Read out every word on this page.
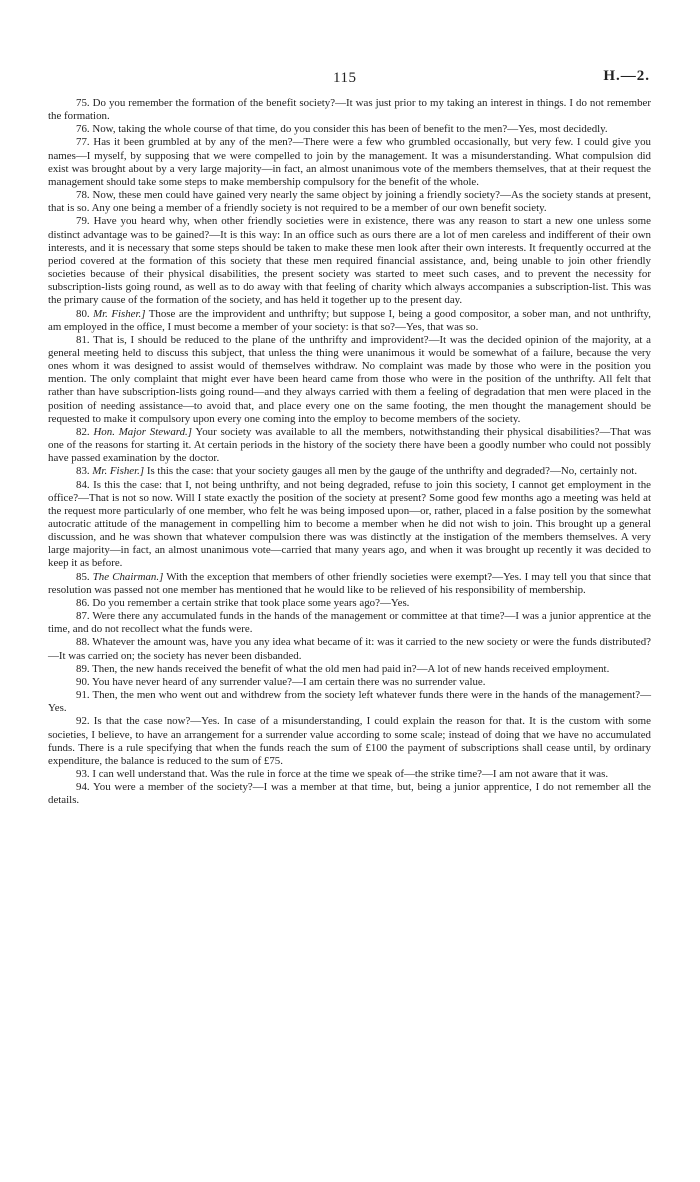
115	H.—2.

75. Do you remember the formation of the benefit society?—It was just prior to my taking an interest in things. I do not remember the formation.

76. Now, taking the whole course of that time, do you consider this has been of benefit to the men?—Yes, most decidedly.

77. Has it been grumbled at by any of the men?—There were a few who grumbled occasionally, but very few. I could give you names—I myself, by supposing that we were compelled to join by the management. It was a misunderstanding. What compulsion did exist was brought about by a very large majority—in fact, an almost unanimous vote of the members themselves, that at their request the management should take some steps to make membership compulsory for the benefit of the whole.

78. Now, these men could have gained very nearly the same object by joining a friendly society?—As the society stands at present, that is so. Any one being a member of a friendly society is not required to be a member of our own benefit society.

79. Have you heard why, when other friendly societies were in existence, there was any reason to start a new one unless some distinct advantage was to be gained?—It is this way: In an office such as ours there are a lot of men careless and indifferent of their own interests, and it is necessary that some steps should be taken to make these men look after their own interests. It frequently occurred at the period covered at the formation of this society that these men required financial assistance, and, being unable to join other friendly societies because of their physical disabilities, the present society was started to meet such cases, and to prevent the necessity for subscription-lists going round, as well as to do away with that feeling of charity which always accompanies a subscription-list. This was the primary cause of the formation of the society, and has held it together up to the present day.

80. Mr. Fisher.] Those are the improvident and unthrifty; but suppose I, being a good compositor, a sober man, and not unthrifty, am employed in the office, I must become a member of your society: is that so?—Yes, that was so.

81. That is, I should be reduced to the plane of the unthrifty and improvident?—It was the decided opinion of the majority, at a general meeting held to discuss this subject, that unless the thing were unanimous it would be somewhat of a failure, because the very ones whom it was designed to assist would of themselves withdraw. No complaint was made by those who were in the position you mention. The only complaint that might ever have been heard came from those who were in the position of the unthrifty. All felt that rather than have subscription-lists going round—and they always carried with them a feeling of degradation that men were placed in the position of needing assistance—to avoid that, and place every one on the same footing, the men thought the management should be requested to make it compulsory upon every one coming into the employ to become members of the society.

82. Hon. Major Steward.] Your society was available to all the members, notwithstanding their physical disabilities?—That was one of the reasons for starting it. At certain periods in the history of the society there have been a goodly number who could not possibly have passed examination by the doctor.

83. Mr. Fisher.] Is this the case: that your society gauges all men by the gauge of the unthrifty and degraded?—No, certainly not.

84. Is this the case: that I, not being unthrifty, and not being degraded, refuse to join this society, I cannot get employment in the office?—That is not so now. Will I state exactly the position of the society at present? Some good few months ago a meeting was held at the request more particularly of one member, who felt he was being imposed upon—or, rather, placed in a false position by the somewhat autocratic attitude of the management in compelling him to become a member when he did not wish to join. This brought up a general discussion, and he was shown that whatever compulsion there was was distinctly at the instigation of the members themselves. A very large majority—in fact, an almost unanimous vote—carried that many years ago, and when it was brought up recently it was decided to keep it as before.

85. The Chairman.] With the exception that members of other friendly societies were exempt?—Yes. I may tell you that since that resolution was passed not one member has mentioned that he would like to be relieved of his responsibility of membership.

86. Do you remember a certain strike that took place some years ago?—Yes.

87. Were there any accumulated funds in the hands of the management or committee at that time?—I was a junior apprentice at the time, and do not recollect what the funds were.

88. Whatever the amount was, have you any idea what became of it: was it carried to the new society or were the funds distributed?—It was carried on; the society has never been disbanded.

89. Then, the new hands received the benefit of what the old men had paid in?—A lot of new hands received employment.

90. You have never heard of any surrender value?—I am certain there was no surrender value.

91. Then, the men who went out and withdrew from the society left whatever funds there were in the hands of the management?—Yes.

92. Is that the case now?—Yes. In case of a misunderstanding, I could explain the reason for that. It is the custom with some societies, I believe, to have an arrangement for a surrender value according to some scale; instead of doing that we have no accumulated funds. There is a rule specifying that when the funds reach the sum of £100 the payment of subscriptions shall cease until, by ordinary expenditure, the balance is reduced to the sum of £75.

93. I can well understand that. Was the rule in force at the time we speak of—the strike time?—I am not aware that it was.

94. You were a member of the society?—I was a member at that time, but, being a junior apprentice, I do not remember all the details.
